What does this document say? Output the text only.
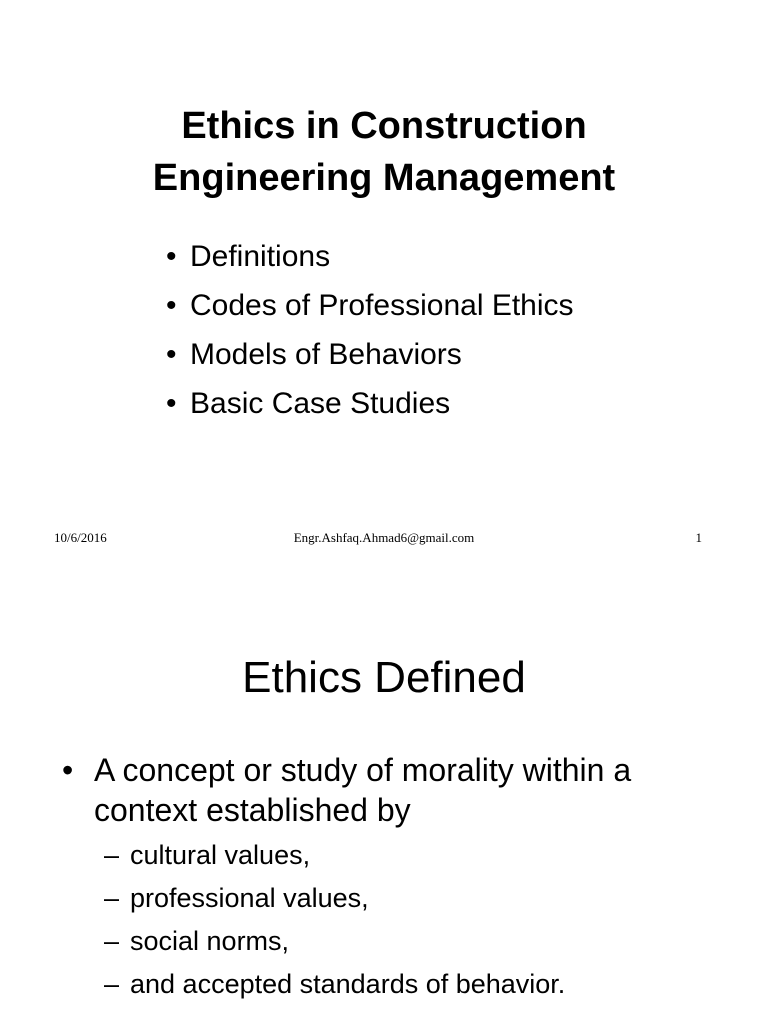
Ethics in Construction
Engineering Management
• Definitions
• Codes of Professional Ethics
• Models of Behaviors
• Basic Case Studies
10/6/2016	Engr.Ashfaq.Ahmad6@gmail.com	1
Ethics Defined
• A concept or study of morality within a context established by
– cultural values,
– professional values,
– social norms,
– and accepted standards of behavior.
